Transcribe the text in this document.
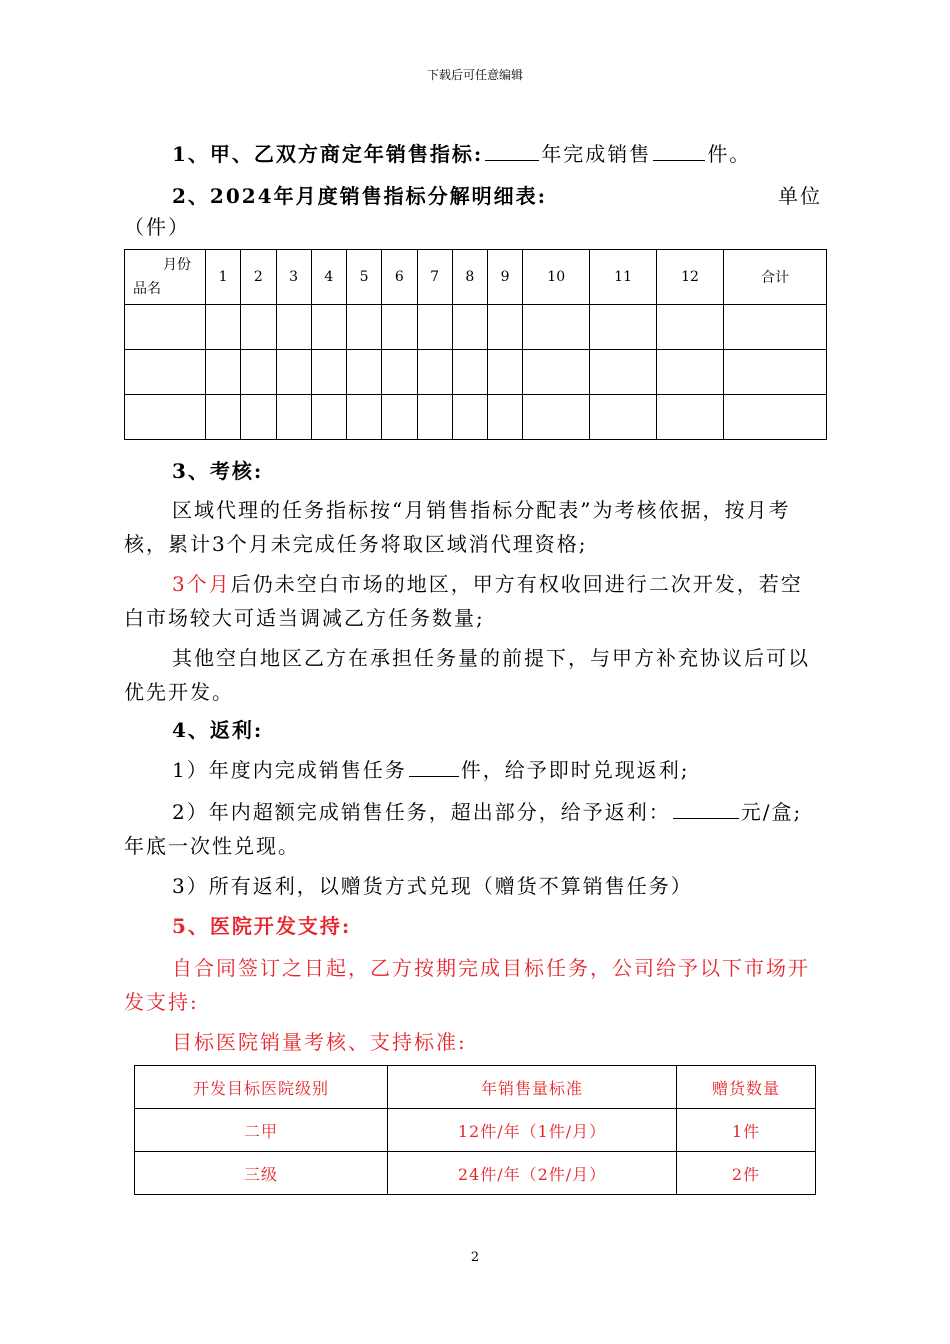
下载后可任意编辑
1、甲、乙双方商定年销售指标:	年完成销售	件。
2、2024年月度销售指标分解明细表:	单位
（件）
月份
品名	1	2	3	4	5	6	7	8	9	10	11	12	合计

3、考核:
区域代理的任务指标按“月销售指标分配表”为考核依据，按月考
核，累计3个月未完成任务将取区域消代理资格;
3个月后仍未空白市场的地区，甲方有权收回进行二次开发，若空
白市场较大可适当调减乙方任务数量;
其他空白地区乙方在承担任务量的前提下，与甲方补充协议后可以
优先开发。
4、返利:
1）年度内完成销售任务	件，给予即时兑现返利;
2）年内超额完成销售任务，超出部分，给予返利：	元/盒;
年底一次性兑现。
3）所有返利，以赠货方式兑现（赠货不算销售任务）
5、医院开发支持:
自合同签订之日起，乙方按期完成目标任务，公司给予以下市场开
发支持:
目标医院销量考核、支持标准:
开发目标医院级别	年销售量标准	赠货数量
二甲	12件/年（1件/月）	1件
三级	24件/年（2件/月）	2件
2
